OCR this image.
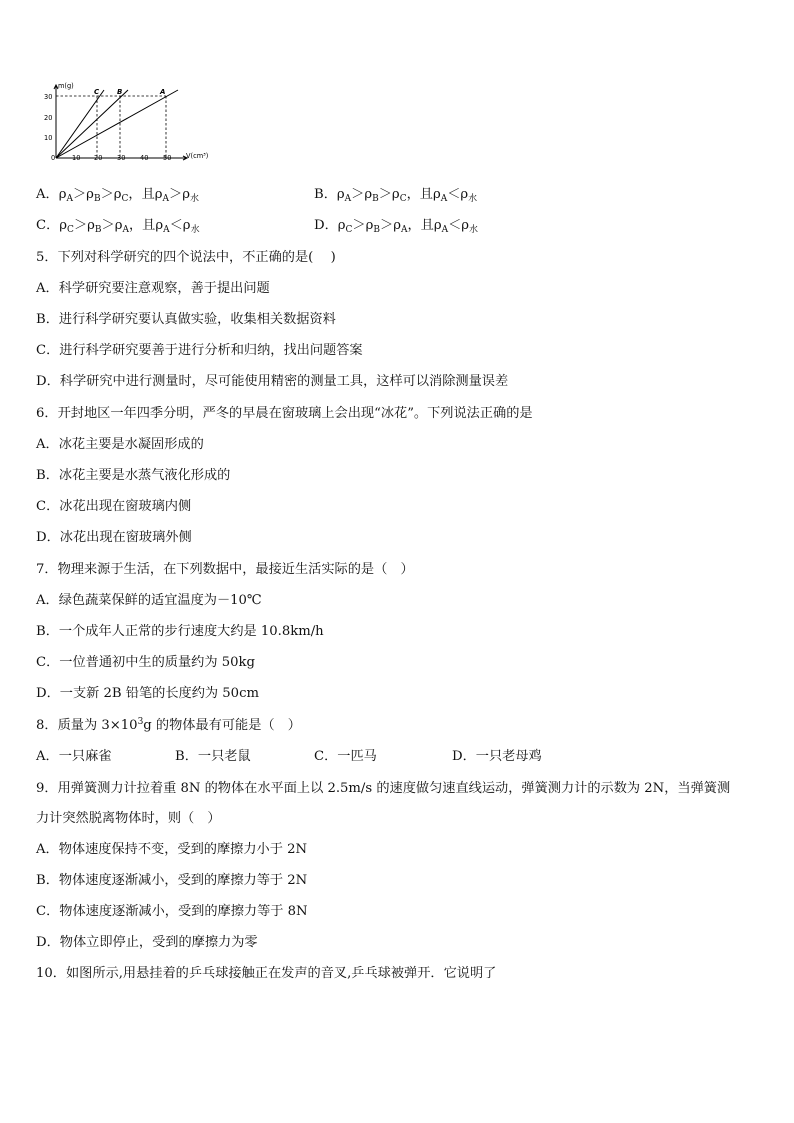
m(g)
V(cm³)
30
20
10
0	10 20 30 40 50
C	B	A
A．$\rho_A>\rho_B>\rho_C$，且$\rho_A>\rho_水$	B．$\rho_A>\rho_B>\rho_C$，且$\rho_A<\rho_水$
C．$\rho_C>\rho_B>\rho_A$，且$\rho_A<\rho_水$	D．$\rho_C>\rho_B>\rho_A$，且$\rho_A<\rho_水$
5．下列对科学研究的四个说法中，不正确的是(　 )
A．科学研究要注意观察，善于提出问题
B．进行科学研究要认真做实验，收集相关数据资料
C．进行科学研究要善于进行分析和归纳，找出问题答案
D．科学研究中进行测量时，尽可能使用精密的测量工具，这样可以消除测量误差
6．开封地区一年四季分明，严冬的早晨在窗玻璃上会出现“冰花”。下列说法正确的是
A．冰花主要是水凝固形成的
B．冰花主要是水蒸气液化形成的
C．冰花出现在窗玻璃内侧
D．冰花出现在窗玻璃外侧
7．物理来源于生活，在下列数据中，最接近生活实际的是（　）
A．绿色蔬菜保鲜的适宜温度为－10℃
B．一个成年人正常的步行速度大约是 10.8km/h
C．一位普通初中生的质量约为 50kg
D．一支新 2B 铅笔的长度约为 50cm
8．质量为 $3\times 10^3g$ 的物体最有可能是（　）
A．一只麻雀	B．一只老鼠	C．一匹马	D．一只老母鸡
9．用弹簧测力计拉着重 8N 的物体在水平面上以 2.5m/s 的速度做匀速直线运动，弹簧测力计的示数为 2N，当弹簧测
力计突然脱离物体时，则（　）
A．物体速度保持不变，受到的摩擦力小于 2N
B．物体速度逐渐减小，受到的摩擦力等于 2N
C．物体速度逐渐减小，受到的摩擦力等于 8N
D．物体立即停止，受到的摩擦力为零
10．如图所示,用悬挂着的乒乓球接触正在发声的音叉,乒乓球被弹开．它说明了
